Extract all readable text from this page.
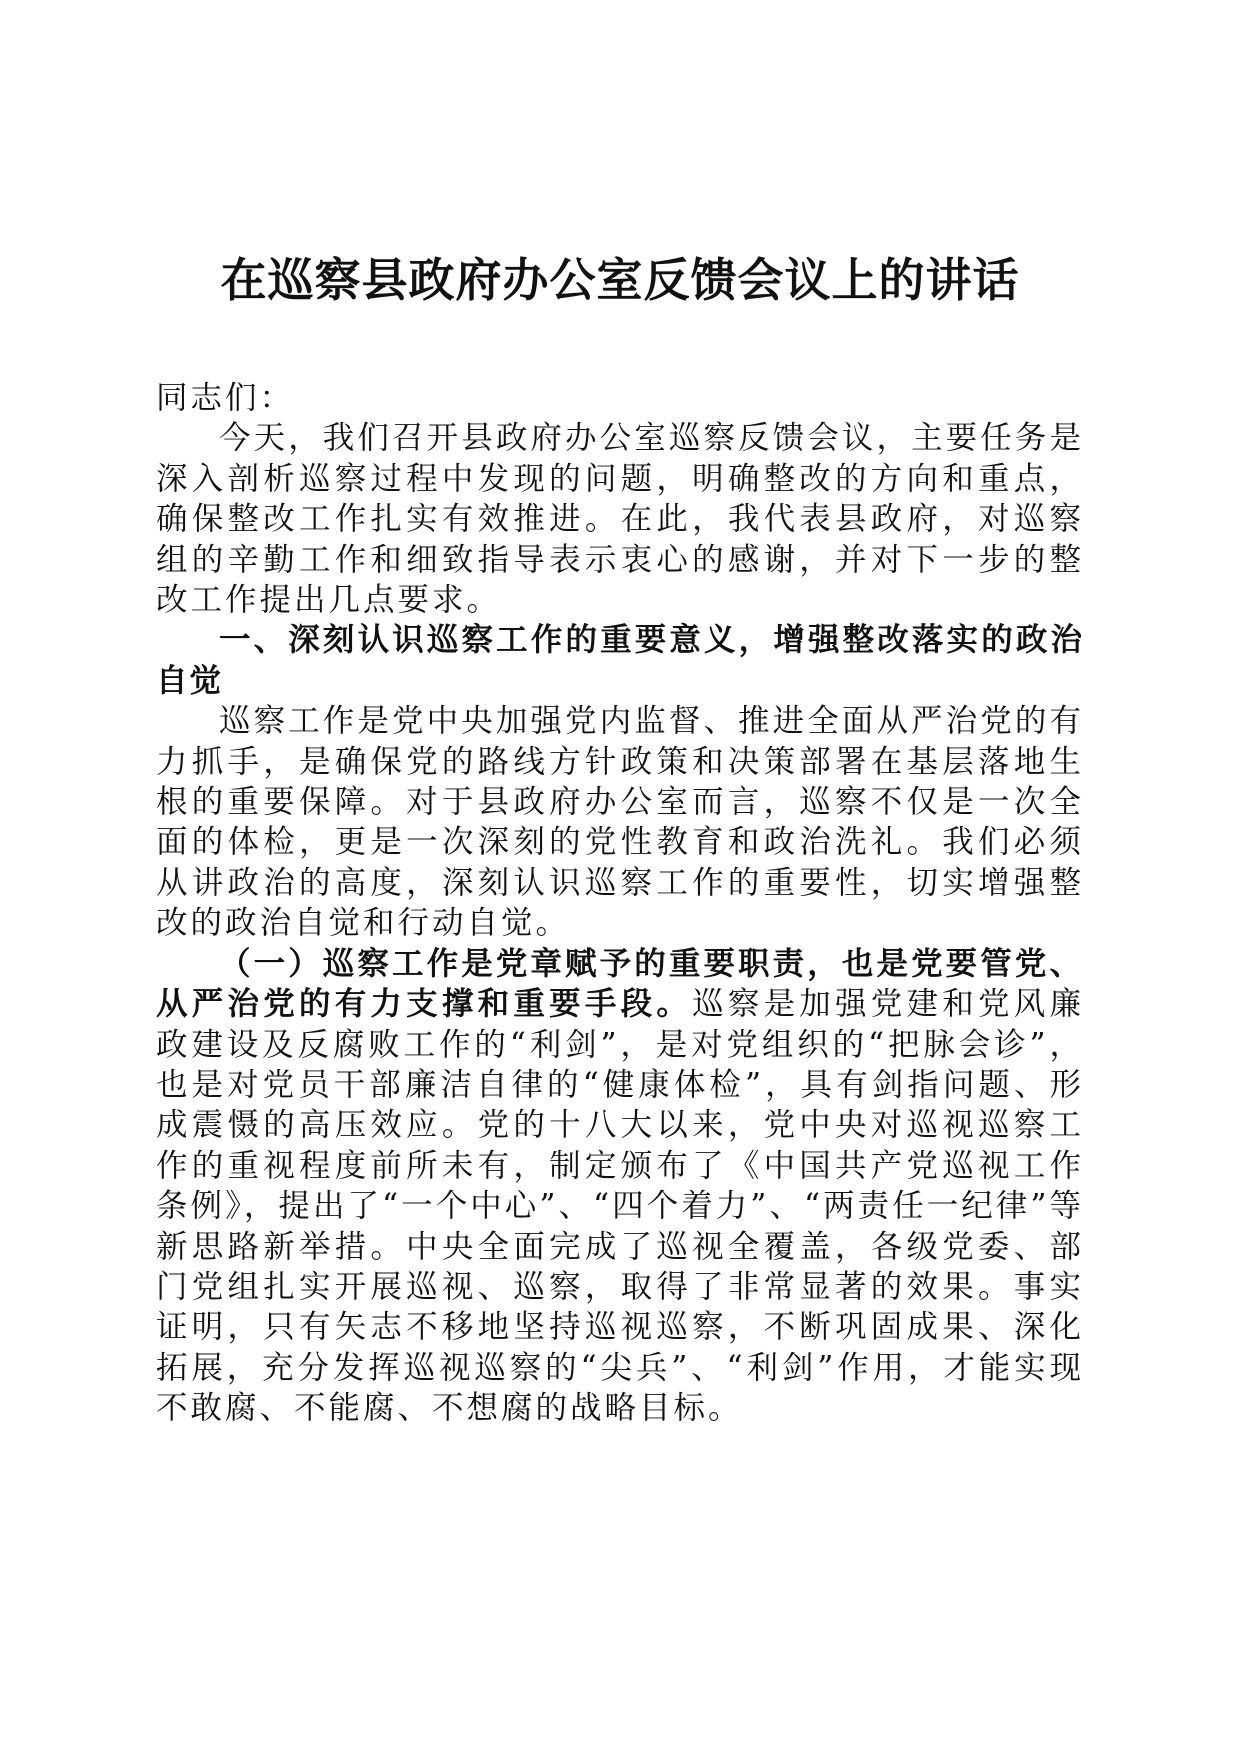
在巡察县政府办公室反馈会议上的讲话

同志们：

今天，我们召开县政府办公室巡察反馈会议，主要任务是深入剖析巡察过程中发现的问题，明确整改的方向和重点，确保整改工作扎实有效推进。在此，我代表县政府，对巡察组的辛勤工作和细致指导表示衷心的感谢，并对下一步的整改工作提出几点要求。

一、深刻认识巡察工作的重要意义，增强整改落实的政治自觉

巡察工作是党中央加强党内监督、推进全面从严治党的有力抓手，是确保党的路线方针政策和决策部署在基层落地生根的重要保障。对于县政府办公室而言，巡察不仅是一次全面的体检，更是一次深刻的党性教育和政治洗礼。我们必须从讲政治的高度，深刻认识巡察工作的重要性，切实增强整改的政治自觉和行动自觉。

（一）巡察工作是党章赋予的重要职责，也是党要管党、从严治党的有力支撑和重要手段。巡察是加强党建和党风廉政建设及反腐败工作的“利剑”，是对党组织的“把脉会诊”，也是对党员干部廉洁自律的“健康体检”，具有剑指问题、形成震慑的高压效应。党的十八大以来，党中央对巡视巡察工作的重视程度前所未有，制定颁布了《中国共产党巡视工作条例》，提出了“一个中心”、“四个着力”、“两责任一纪律”等新思路新举措。中央全面完成了巡视全覆盖，各级党委、部门党组扎实开展巡视、巡察，取得了非常显著的效果。事实证明，只有矢志不移地坚持巡视巡察，不断巩固成果、深化拓展，充分发挥巡视巡察的“尖兵”、“利剑”作用，才能实现不敢腐、不能腐、不想腐的战略目标。
